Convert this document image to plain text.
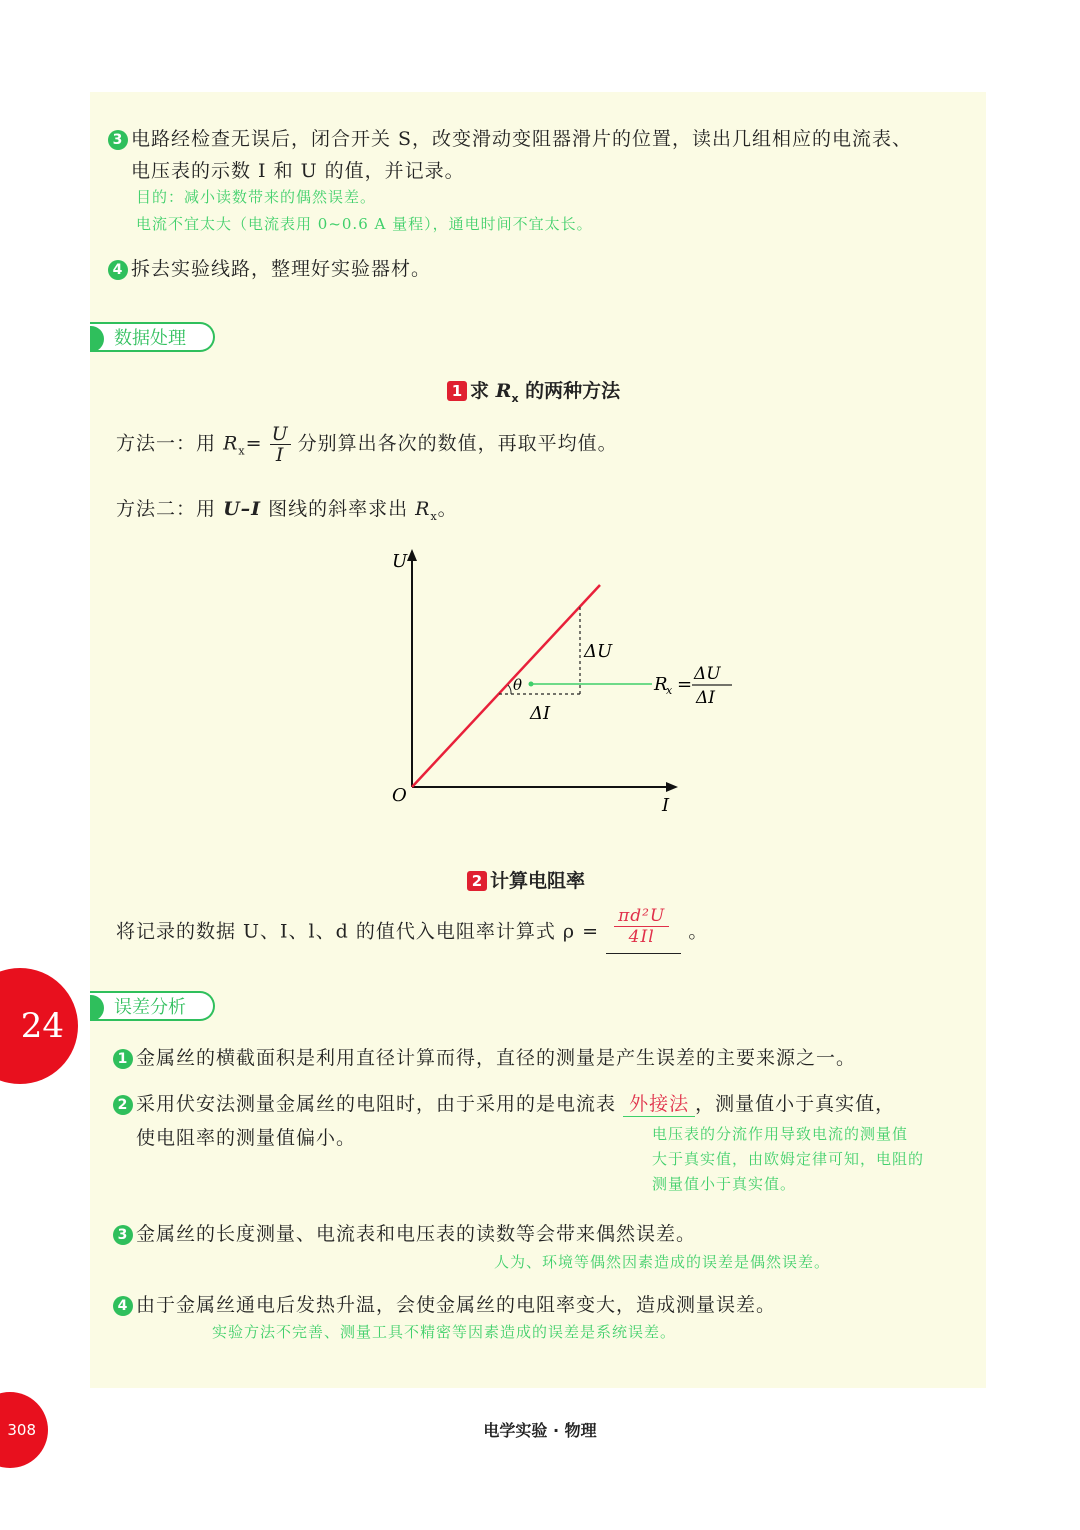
3 电路经检查无误后，闭合开关 S，改变滑动变阻器滑片的位置，读出几组相应的电流表、
电压表的示数 I 和 U 的值，并记录。
目的：减小读数带来的偶然误差。
电流不宜太大（电流表用 0~0.6 A 量程），通电时间不宜太长。
4 拆去实验线路，整理好实验器材。
数据处理
1 求 $R_x$ 的两种方法
方法一：用 $R_x= \frac{U}{I}$ 分别算出各次的数值，再取平均值。
方法二：用 U–I 图线的斜率求出 $R_x$。
U
I
O
ΔU
ΔI
θ	R
x = ΔU
ΔI
2 计算电阻率
将记录的数据 U、I、l、d 的值代入电阻率计算式 $\rho = \frac{\text{πd²U}}{4Il}$ 。
误差分析
1 金属丝的横截面积是利用直径计算而得，直径的测量是产生误差的主要来源之一。
2 采用伏安法测量金属丝的电阻时，由于采用的是电流表 外接法 ，测量值小于真实值，
使电阻率的测量值偏小。	电压表的分流作用导致电流的测量值
大于真实值，由欧姆定律可知，电阻的
测量值小于真实值。
3 金属丝的长度测量、电流表和电压表的读数等会带来偶然误差。
人为、环境等偶然因素造成的误差是偶然误差。
4 由于金属丝通电后发热升温，会使金属丝的电阻率变大，造成测量误差。
实验方法不完善、测量工具不精密等因素造成的误差是系统误差。
24
308	电学实验 · 物理
